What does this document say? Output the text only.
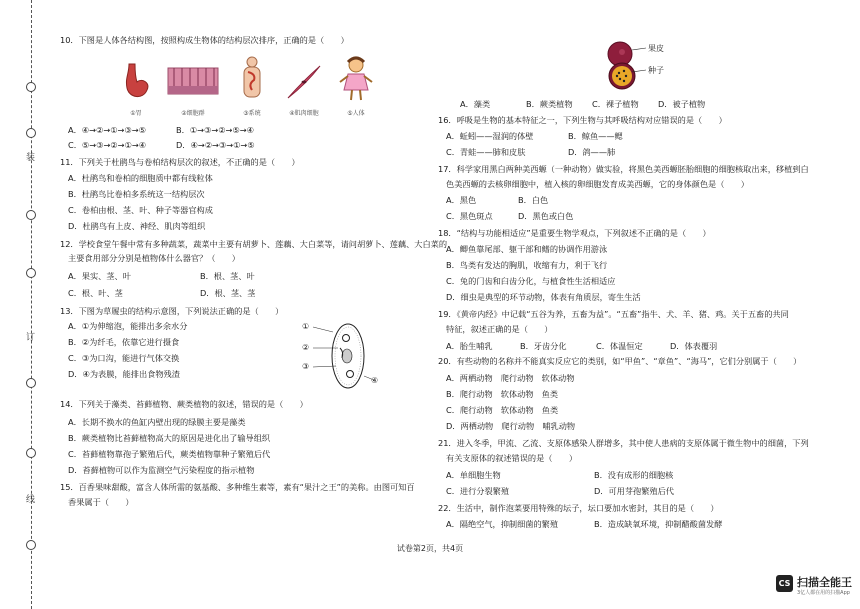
装
订
线
10．下图是人体各结构图，按照构成生物体的结构层次排序，正确的是（　　）
①胃	②细胞群	③系统	④肌肉细胞	⑤人体
A．④→②→①→③→⑤	B．①→③→②→⑤→④
C．⑤→③→②→①→④	D．④→②→③→①→⑤
11．下列关于杜鹃鸟与卷柏结构层次的叙述，不正确的是（　　）
A．杜鹃鸟和卷柏的细胞质中都有线粒体
B．杜鹃鸟比卷柏多系统这一结构层次
C．卷柏由根、茎、叶、种子等器官构成
D．杜鹃鸟有上皮、神经、肌肉等组织
12．学校食堂午餐中常有多种蔬菜，蔬菜中主要有胡萝卜、莲藕、大白菜等，请问胡萝卜、莲藕、大白菜的
主要食用部分分别是植物体什么器官？（　　）
A．果实、茎、叶	B．根、茎、叶
C．根、叶、茎	D．根、茎、茎
13．下图为草履虫的结构示意图，下列说法正确的是（　　）
A．①为伸缩泡，能排出多余水分
B．②为纤毛，依靠它进行摄食
C．③为口沟，能进行气体交换
D．④为表膜，能排出食物残渣
①
②
③
④
14．下列关于藻类、苔藓植物、蕨类植物的叙述，错误的是（　　）
A．长期不换水的鱼缸内壁出现的绿膜主要是藻类
B．蕨类植物比苔藓植物高大的原因是进化出了输导组织
C．苔藓植物靠孢子繁殖后代，蕨类植物靠种子繁殖后代
D．苔藓植物可以作为监测空气污染程度的指示植物
15．百香果味甜酸，富含人体所需的氨基酸、多种维生素等，素有“果汁之王”的美称。由图可知百
香果属于（　　）
果皮
种子
A．藻类	B．蕨类植物 C．裸子植物 D．被子植物
16．呼吸是生物的基本特征之一，下列生物与其呼吸结构对应错误的是（　　）
A．蚯蚓——湿润的体壁	B．鲸鱼——鳃
C．青蛙——肺和皮肤	D．鸽——肺
17．科学家用黑白两种美西螈（一种动物）做实验，将黑色美西螈胚胎细胞的细胞核取出来，移植到白
色美西螈的去核卵细胞中，植入核的卵细胞发育成美西螈，它的身体颜色是（　　）
A．黑色	B．白色
C．黑色斑点	D．黑色或白色
18．“结构与功能相适应”是重要生物学观点，下列叙述不正确的是（　　）
A．鲫鱼靠尾部、躯干部和鳍的协调作用游泳
B．鸟类有发达的胸肌，收缩有力，利于飞行
C．兔的门齿和臼齿分化，与植食性生活相适应
D．细虫是典型的环节动物，体表有角质层，寄生生活
19．《黄帝内经》中记载“五谷为养，五畜为益”。“五畜”指牛、犬、羊、猪、鸡。关于五畜的共同
特征，叙述正确的是（　　）
A．胎生哺乳	B．牙齿分化	C．体温恒定	D．体表覆羽
20．有些动物的名称并不能真实反应它的类别，如“甲鱼”、“章鱼”、“海马”，它们分别属于（　　）
A．两栖动物　爬行动物　软体动物
B．爬行动物　软体动物　鱼类
C．爬行动物　软体动物　鱼类
D．两栖动物　爬行动物　哺乳动物
21．进入冬季，甲流、乙流、支原体感染人群增多，其中使人患病的支原体属于微生物中的细菌，下列
有关支原体的叙述错误的是（　　）
A．单细胞生物	B．没有成形的细胞核
C．进行分裂繁殖	D．可用芽孢繁殖后代
22．生活中，制作泡菜要用特殊的坛子，坛口要加水密封，其目的是（　　）
A．隔绝空气，抑制细菌的繁殖	B．造成缺氧环境，抑制醋酸菌发酵
试卷第2页，共4页
CS 扫描全能王
3亿人都在用的扫描App
